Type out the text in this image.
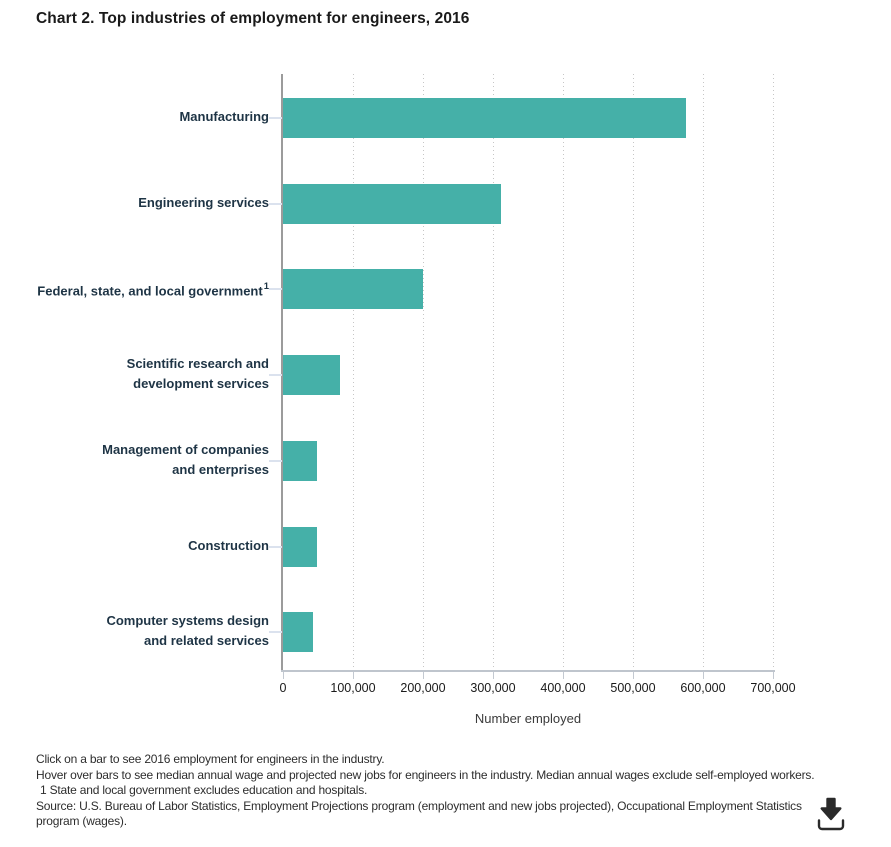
Chart 2. Top industries of employment for engineers, 2016
0	100,000	200,000	300,000	400,000	500,000	600,000	700,000
Manufacturing
Engineering services
Federal, state, and local government$^1$
Scientific research and
development services
Management of companies
and enterprises
Construction
Computer systems design
and related services
Number employed
Click on a bar to see 2016 employment for engineers in the industry.
Hover over bars to see median annual wage and projected new jobs for engineers in the industry. Median annual wages exclude self-employed workers.
1 State and local government excludes education and hospitals.
Source: U.S. Bureau of Labor Statistics, Employment Projections program (employment and new jobs projected), Occupational Employment Statistics program (wages).
